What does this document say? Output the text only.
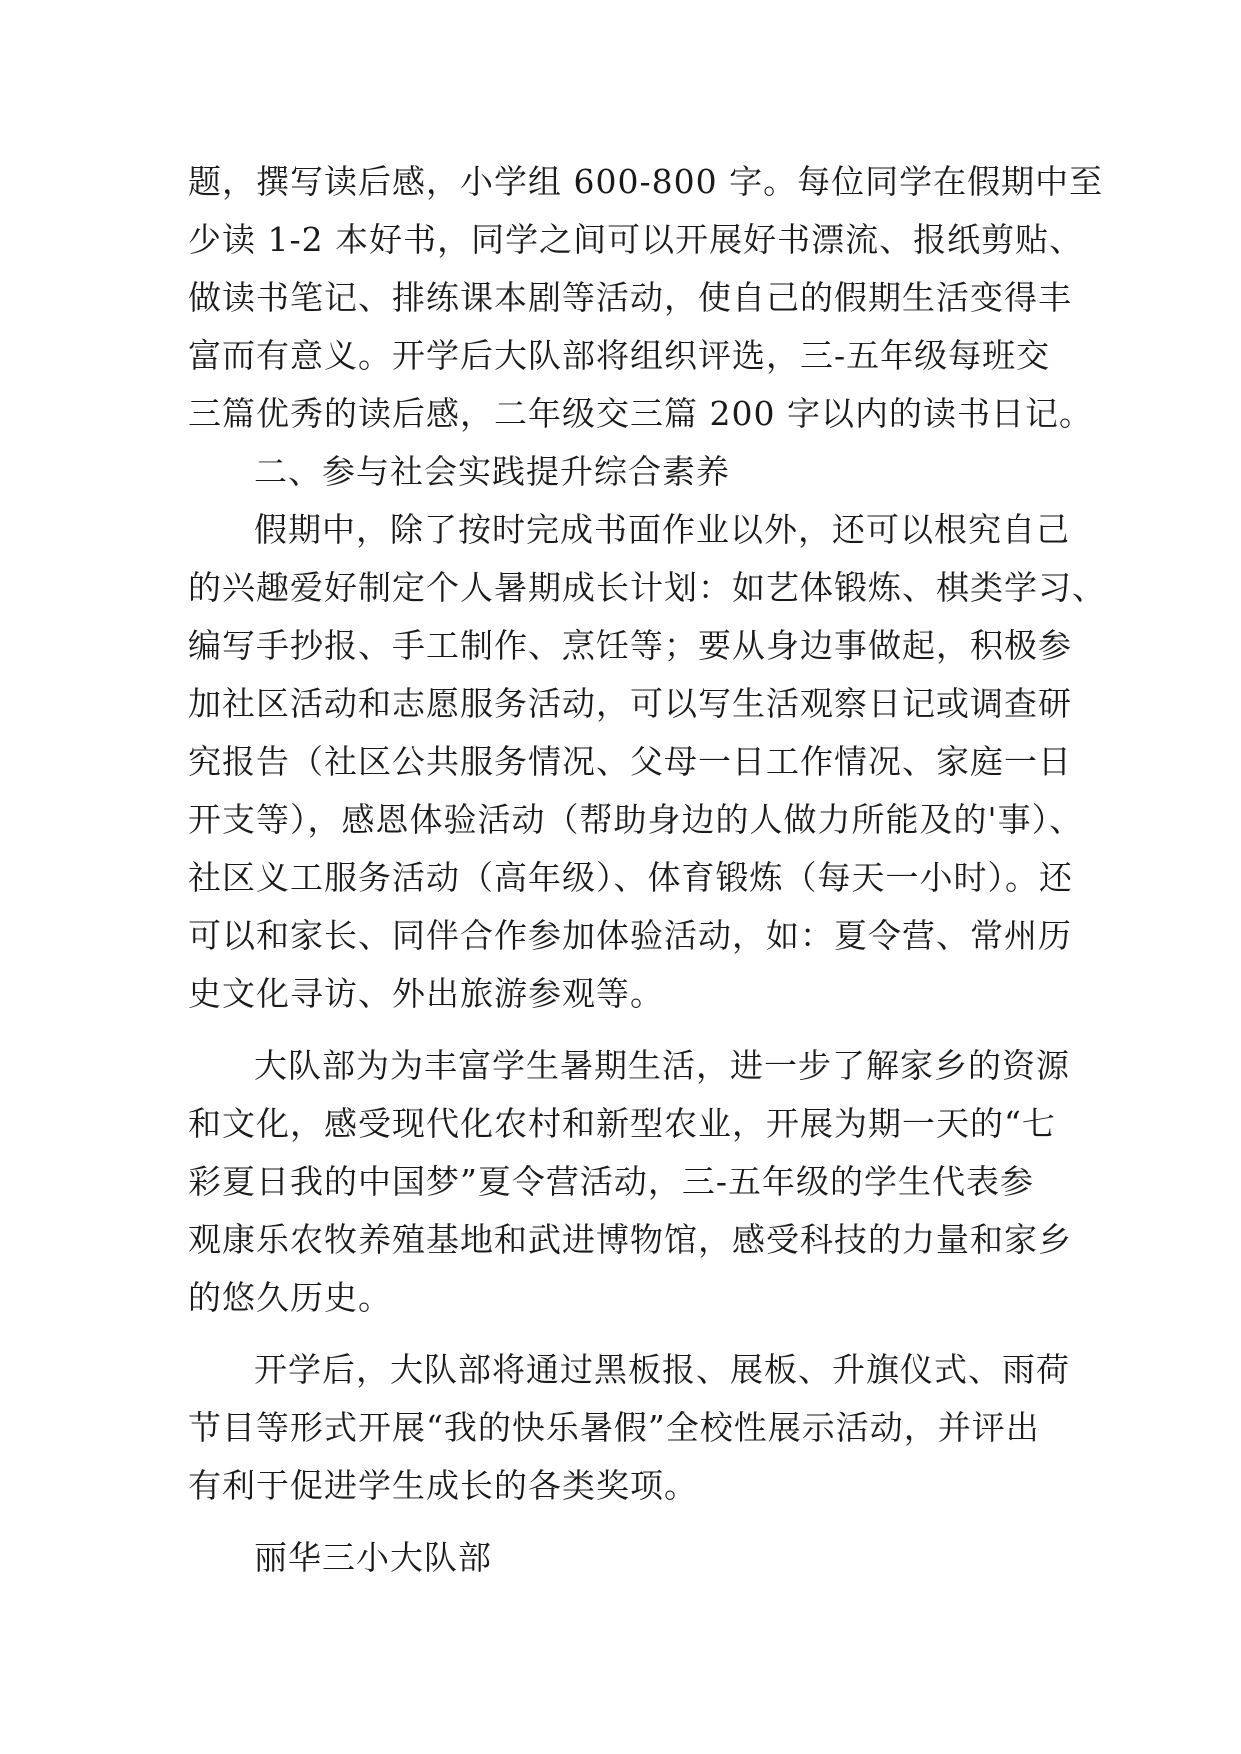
题，撰写读后感，小学组 600-800 字。每位同学在假期中至
少读 1-2 本好书，同学之间可以开展好书漂流、报纸剪贴、
做读书笔记、排练课本剧等活动，使自己的假期生活变得丰
富而有意义。开学后大队部将组织评选，三-五年级每班交
三篇优秀的读后感，二年级交三篇 200 字以内的读书日记。
二、参与社会实践提升综合素养
假期中，除了按时完成书面作业以外，还可以根究自己
的兴趣爱好制定个人暑期成长计划：如艺体锻炼、棋类学习、
编写手抄报、手工制作、烹饪等；要从身边事做起，积极参
加社区活动和志愿服务活动，可以写生活观察日记或调查研
究报告（社区公共服务情况、父母一日工作情况、家庭一日
开支等），感恩体验活动（帮助身边的人做力所能及的'事）、
社区义工服务活动（高年级）、体育锻炼（每天一小时）。还
可以和家长、同伴合作参加体验活动，如：夏令营、常州历
史文化寻访、外出旅游参观等。
大队部为为丰富学生暑期生活，进一步了解家乡的资源
和文化，感受现代化农村和新型农业，开展为期一天的“七
彩夏日我的中国梦”夏令营活动，三-五年级的学生代表参
观康乐农牧养殖基地和武进博物馆，感受科技的力量和家乡
的悠久历史。
开学后，大队部将通过黑板报、展板、升旗仪式、雨荷
节目等形式开展“我的快乐暑假”全校性展示活动，并评出
有利于促进学生成长的各类奖项。
丽华三小大队部
